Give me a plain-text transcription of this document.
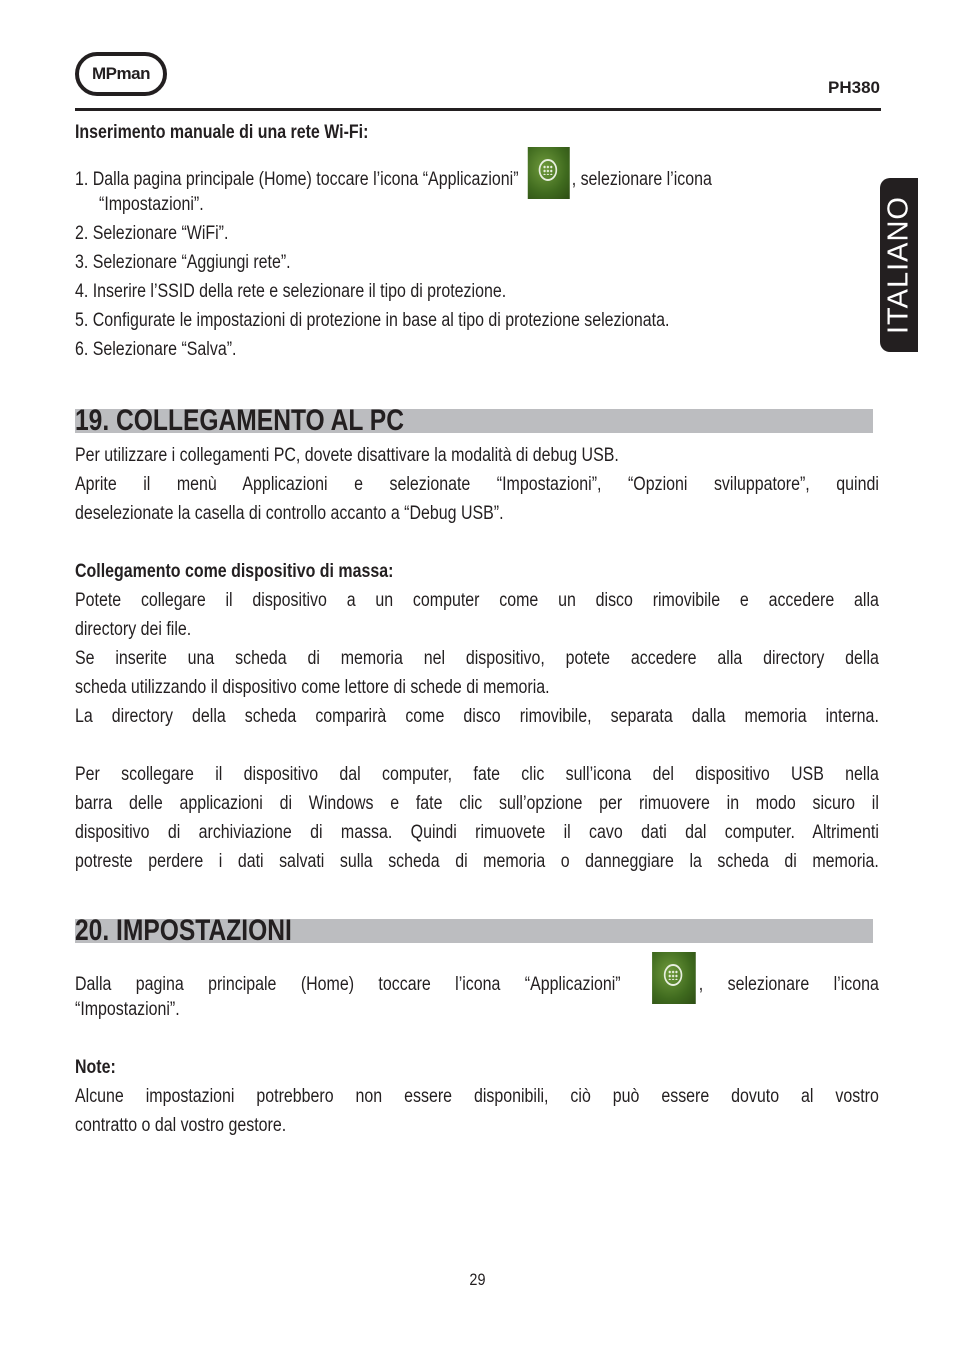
MPman
PH380
ITALIANO
Inserimento manuale di una rete Wi-Fi:
1. Dalla pagina principale (Home) toccare l’icona “Applicazioni”	, selezionare l’icona
“Impostazioni”.
2. Selezionare “WiFi”.
3. Selezionare “Aggiungi rete”.
4. Inserire l’SSID della rete e selezionare il tipo di protezione.
5. Configurate le impostazioni di protezione in base al tipo di protezione selezionata.
6. Selezionare “Salva”.
19. COLLEGAMENTO AL PC
Per utilizzare i collegamenti PC, dovete disattivare la modalità di debug USB.
Aprite il menù Applicazioni e selezionate “Impostazioni”, “Opzioni sviluppatore”, quindi
deselezionate la casella di controllo accanto a “Debug USB”.
Collegamento come dispositivo di massa:
Potete collegare il dispositivo a un computer come un disco rimovibile e accedere alla
directory dei file.
Se inserite una scheda di memoria nel dispositivo, potete accedere alla directory della
scheda utilizzando il dispositivo come lettore di schede di memoria.
La directory della scheda comparirà come disco rimovibile, separata dalla memoria interna.
Per scollegare il dispositivo dal computer, fate clic sull’icona del dispositivo USB nella
barra delle applicazioni di Windows e fate clic sull’opzione per rimuovere in modo sicuro il
dispositivo di archiviazione di massa. Quindi rimuovete il cavo dati dal computer. Altrimenti
potreste perdere i dati salvati sulla scheda di memoria o danneggiare la scheda di memoria.
20. IMPOSTAZIONI
Dalla pagina principale (Home) toccare l’icona “Applicazioni”	, selezionare l’icona
“Impostazioni”.
Note:
Alcune impostazioni potrebbero non essere disponibili, ciò può essere dovuto al vostro
contratto o dal vostro gestore.
29
